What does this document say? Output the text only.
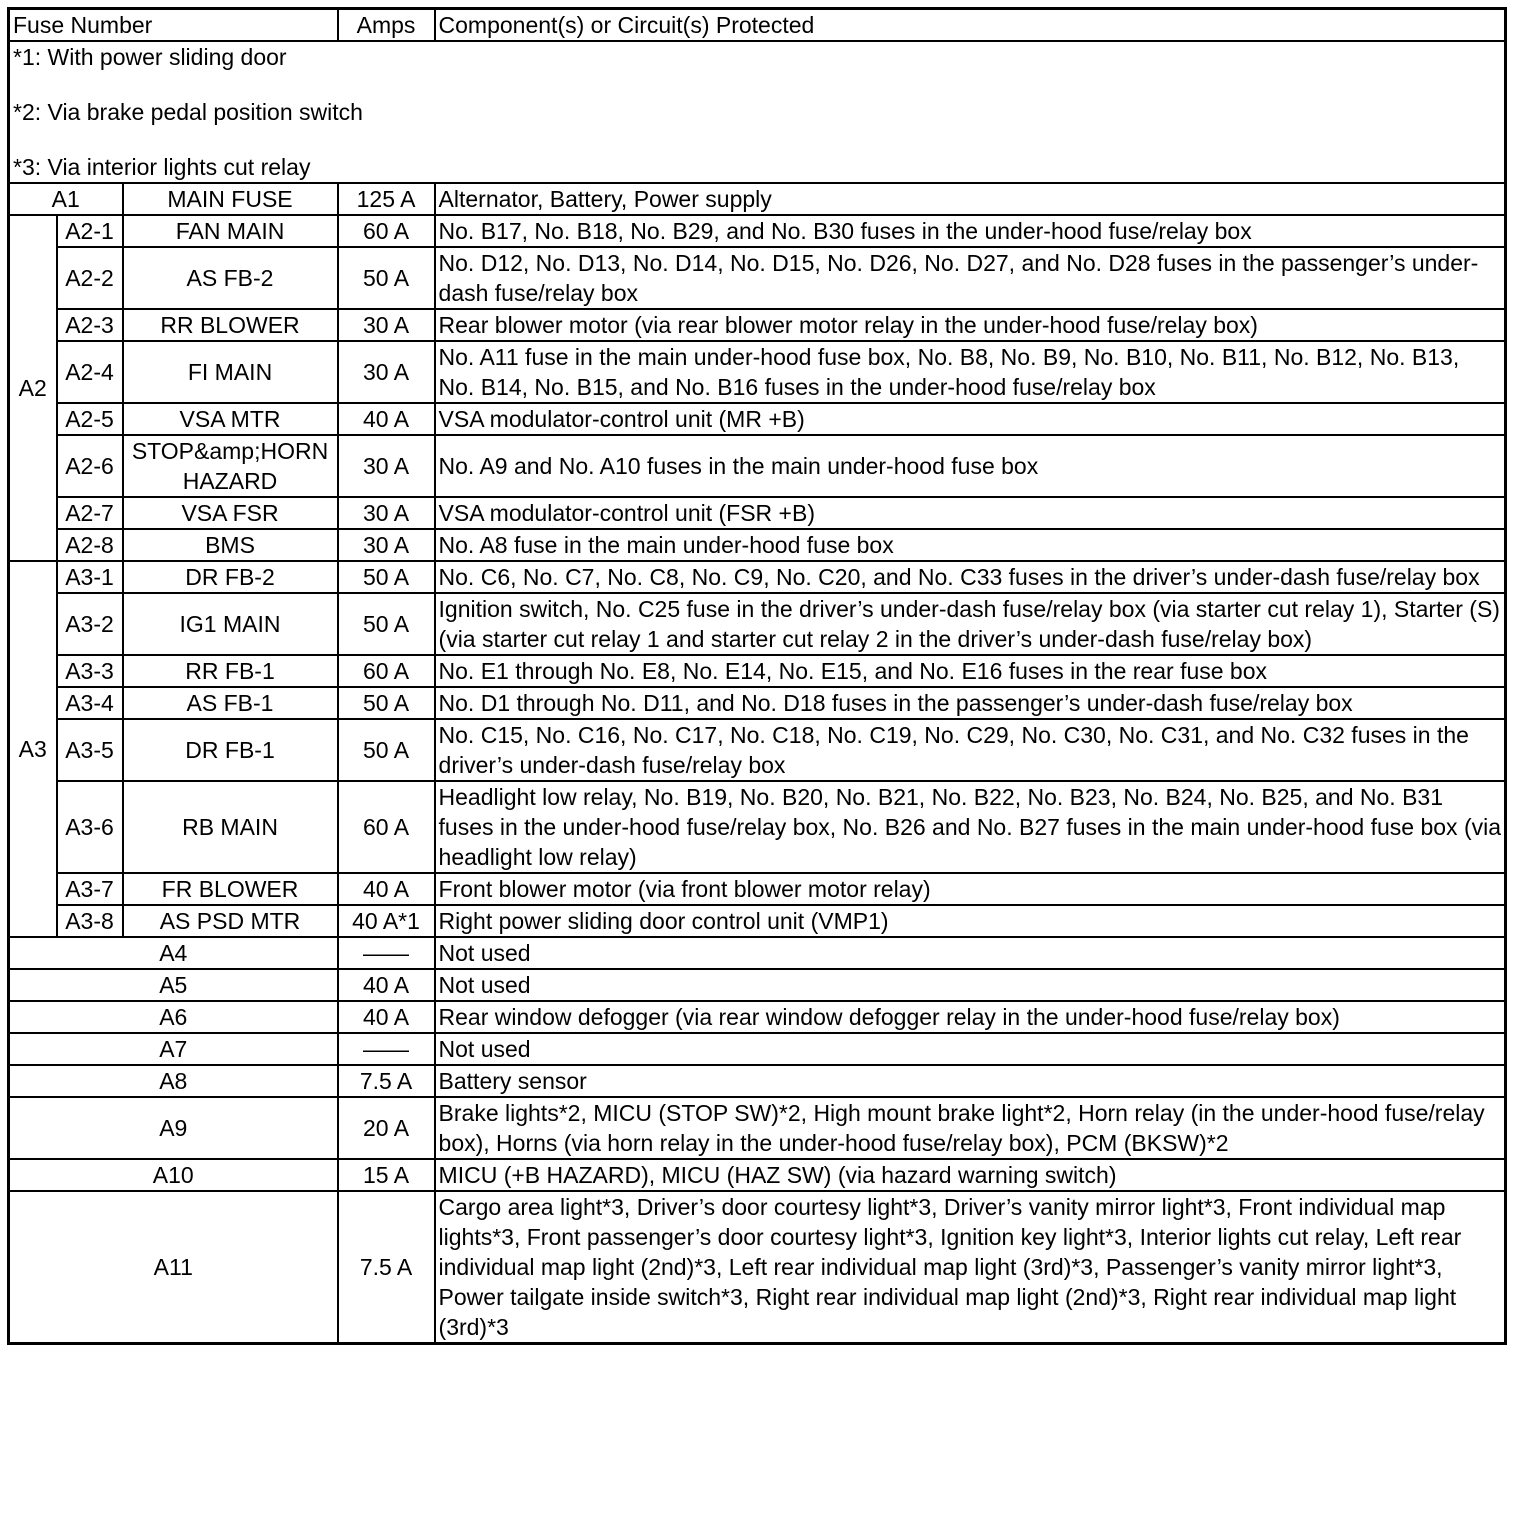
Fuse Number			Amps	Component(s) or Circuit(s) Protected

*1: With power sliding door
*2: Via brake pedal position switch
*3: Via interior lights cut relay				

A1		MAIN FUSE	125 A	Alternator, Battery, Power supply
A2	A2-1	FAN MAIN	60 A	No. B17, No. B18, No. B29, and No. B30 fuses in the under-hood fuse/relay box
	A2-2	AS FB-2	50 A	No. D12, No. D13, No. D14, No. D15, No. D26, No. D27, and No. D28 fuses in the passenger’s under-dash fuse/relay box
	A2-3	RR BLOWER	30 A	Rear blower motor (via rear blower motor relay in the under-hood fuse/relay box)
	A2-4	FI MAIN	30 A	No. A11 fuse in the main under-hood fuse box, No. B8, No. B9, No. B10, No. B11, No. B12, No. B13, No. B14, No. B15, and No. B16 fuses in the under-hood fuse/relay box
	A2-5	VSA MTR	40 A	VSA modulator-control unit (MR +B)
	A2-6	STOP&amp;HORN HAZARD	30 A	No. A9 and No. A10 fuses in the main under-hood fuse box
	A2-7	VSA FSR	30 A	VSA modulator-control unit (FSR +B)
	A2-8	BMS	30 A	No. A8 fuse in the main under-hood fuse box
A3	A3-1	DR FB-2	50 A	No. C6, No. C7, No. C8, No. C9, No. C20, and No. C33 fuses in the driver’s under-dash fuse/relay box
	A3-2	IG1 MAIN	50 A	Ignition switch, No. C25 fuse in the driver’s under-dash fuse/relay box (via starter cut relay 1), Starter (S) (via starter cut relay 1 and starter cut relay 2 in the driver’s under-dash fuse/relay box)
	A3-3	RR FB-1	60 A	No. E1 through No. E8, No. E14, No. E15, and No. E16 fuses in the rear fuse box
	A3-4	AS FB-1	50 A	No. D1 through No. D11, and No. D18 fuses in the passenger’s under-dash fuse/relay box
	A3-5	DR FB-1	50 A	No. C15, No. C16, No. C17, No. C18, No. C19, No. C29, No. C30, No. C31, and No. C32 fuses in the driver’s under-dash fuse/relay box
	A3-6	RB MAIN	60 A	Headlight low relay, No. B19, No. B20, No. B21, No. B22, No. B23, No. B24, No. B25, and No. B31 fuses in the under-hood fuse/relay box, No. B26 and No. B27 fuses in the main under-hood fuse box (via headlight low relay)
	A3-7	FR BLOWER	40 A	Front blower motor (via front blower motor relay)
	A3-8	AS PSD MTR	40 A*1	Right power sliding door control unit (VMP1)
A4			——	Not used
A5			40 A	Not used
A6			40 A	Rear window defogger (via rear window defogger relay in the under-hood fuse/relay box)
A7			——	Not used
A8			7.5 A	Battery sensor
A9			20 A	Brake lights*2, MICU (STOP SW)*2, High mount brake light*2, Horn relay (in the under-hood fuse/relay box), Horns (via horn relay in the under-hood fuse/relay box), PCM (BKSW)*2
A10			15 A	MICU (+B HAZARD), MICU (HAZ SW) (via hazard warning switch)
A11			7.5 A	Cargo area light*3, Driver’s door courtesy light*3, Driver’s vanity mirror light*3, Front individual map lights*3, Front passenger’s door courtesy light*3, Ignition key light*3, Interior lights cut relay, Left rear individual map light (2nd)*3, Left rear individual map light (3rd)*3, Passenger’s vanity mirror light*3, Power tailgate inside switch*3, Right rear individual map light (2nd)*3, Right rear individual map light (3rd)*3
